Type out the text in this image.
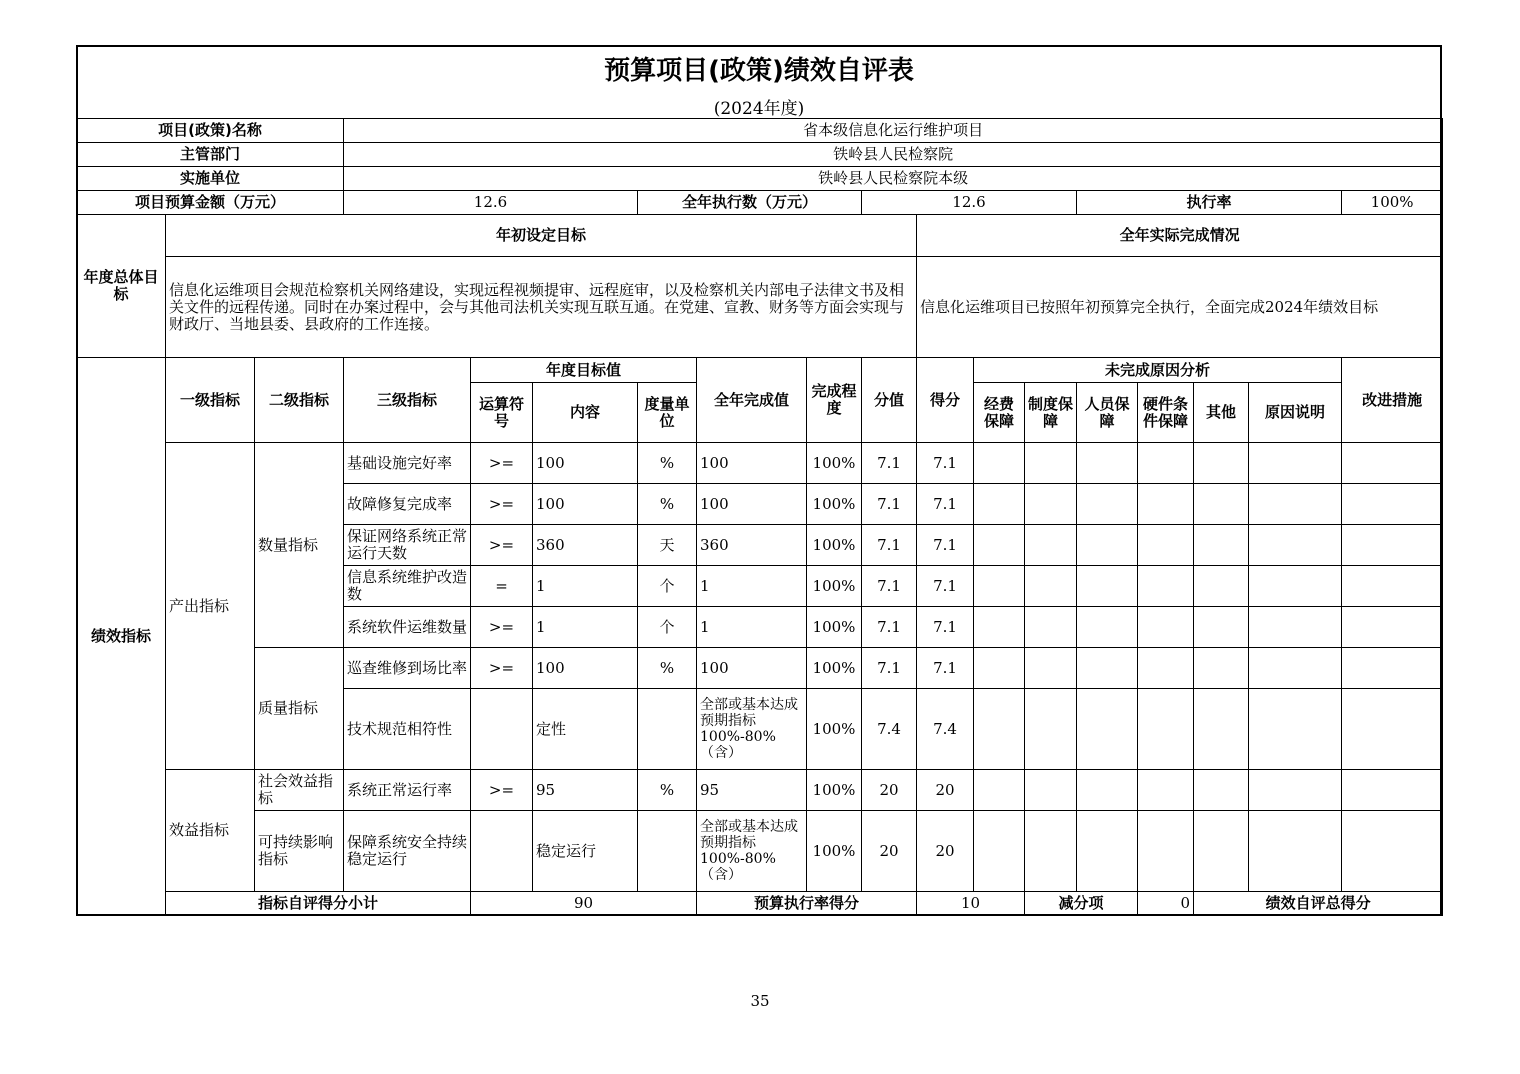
预算项目(政策)绩效自评表
(2024年度)
项目(政策)名称			省本级信息化运行维护项目															
主管部门			铁岭县人民检察院															
实施单位			铁岭县人民检察院本级															
项目预算金额（万元）			12.6			全年执行数（万元）			12.6				执行率				100%	
年度总体目标	年初设定目标									全年实际完成情况								
	信息化运维项目会规范检察机关网络建设，实现远程视频提审、远程庭审，以及检察机关内部电子法律文书及相关文件的远程传递。同时在办案过程中，会与其他司法机关实现互联互通。在党建、宣教、财务等方面会实现与财政厅、当地县委、县政府的工作连接。									信息化运维项目已按照年初预算完全执行，全面完成2024年绩效目标								
绩效指标	一级指标	二级指标	三级指标	年度目标值			全年完成值	完成程度	分值	得分	未完成原因分析						改进措施	
				运算符号	内容	度量单位					经费保障	制度保障	人员保障	硬件条件保障	其他	原因说明		
	产出指标	数量指标	基础设施完好率	>=	100	%	100	100%	7.1	7.1								
			故障修复完成率	>=	100	%	100	100%	7.1	7.1								
			保证网络系统正常运行天数	>=	360	天	360	100%	7.1	7.1								
			信息系统维护改造数	=	1	个	1	100%	7.1	7.1								
			系统软件运维数量	>=	1	个	1	100%	7.1	7.1								
		质量指标	巡查维修到场比率	>=	100	%	100	100%	7.1	7.1								
			技术规范相符性		定性		全部或基本达成预期指标100%-80%（含）	100%	7.4	7.4								
	效益指标	社会效益指标	系统正常运行率	>=	95	%	95	100%	20	20								
		可持续影响指标	保障系统安全持续稳定运行		稳定运行		全部或基本达成预期指标100%-80%（含）	100%	20	20								
	指标自评得分小计			90			预算执行率得分			10		减分项		0	绩效自评总得分	
35
